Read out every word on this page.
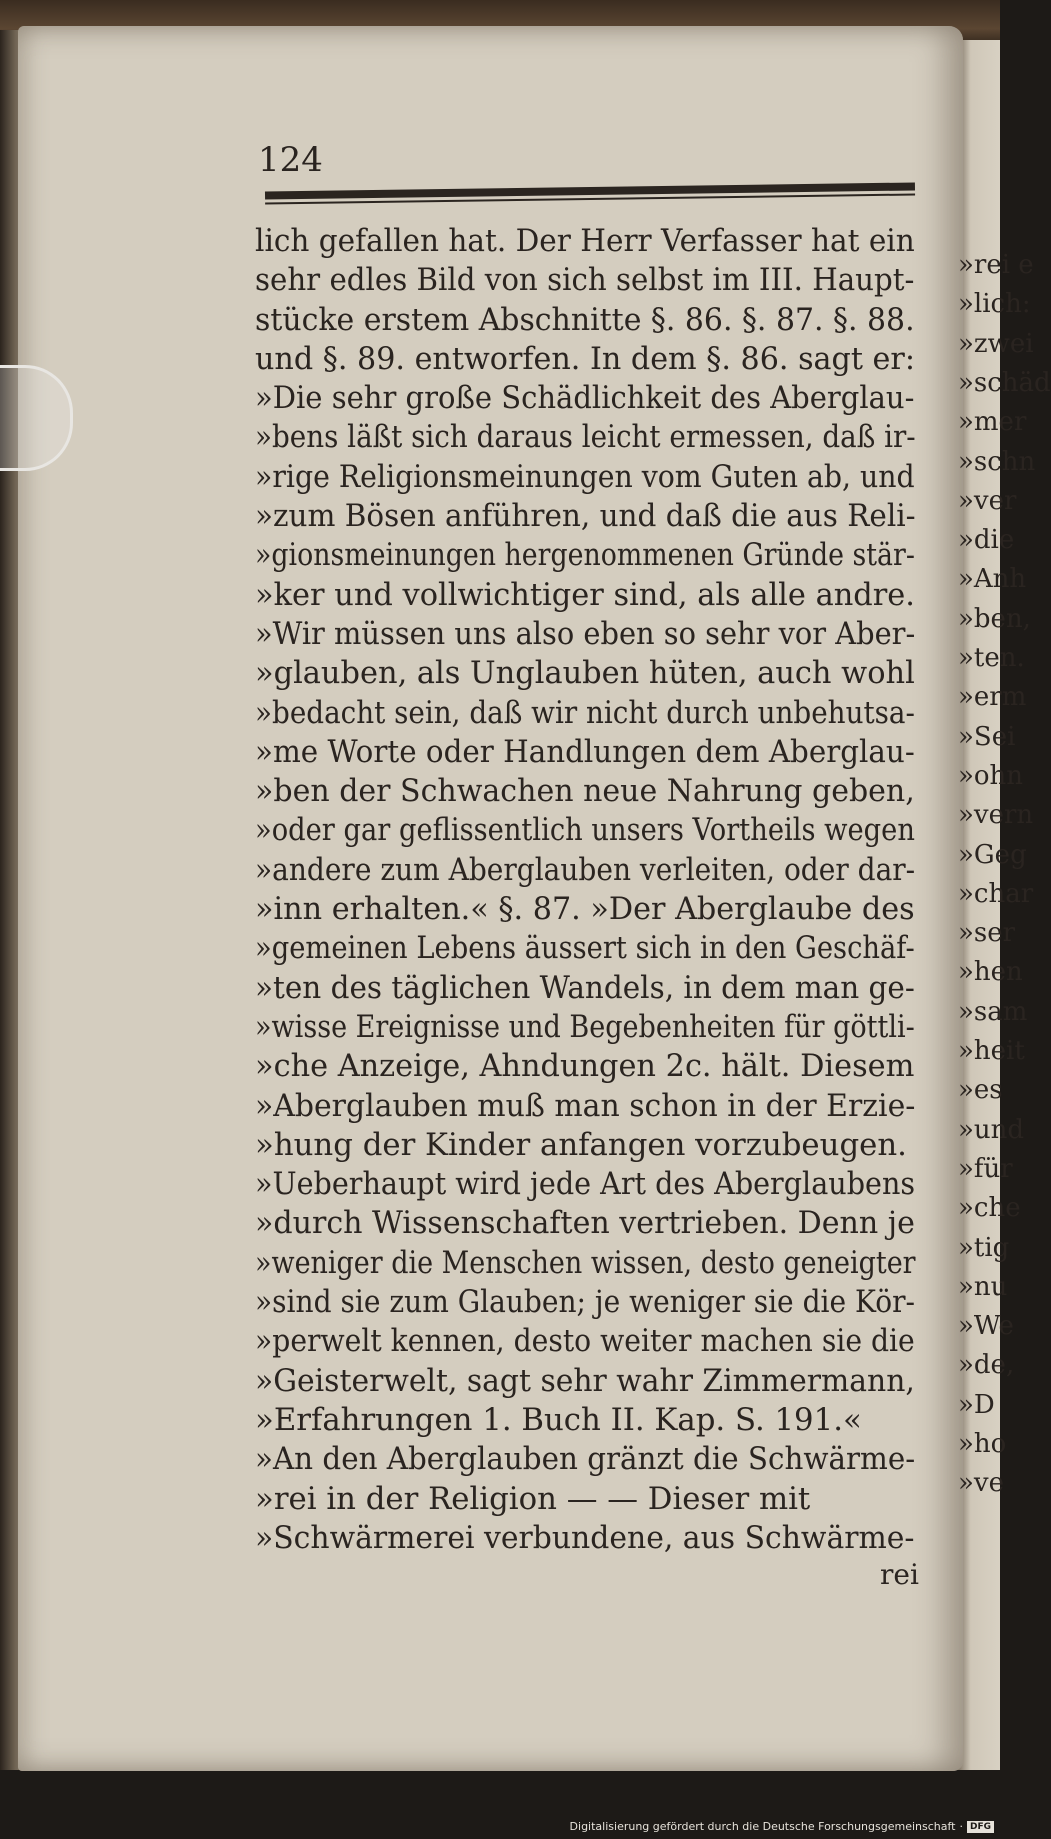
124
lich gefallen hat. Der Herr Verfasser hat ein
sehr edles Bild von sich selbst im III. Haupt-
stücke erstem Abschnitte §. 86. §. 87. §. 88.
und §. 89. entworfen. In dem §. 86. sagt er:
»Die sehr große Schädlichkeit des Aberglau-
»bens läßt sich daraus leicht ermessen, daß ir-
»rige Religionsmeinungen vom Guten ab, und
»zum Bösen anführen, und daß die aus Reli-
»gionsmeinungen hergenommenen Gründe stär-
»ker und vollwichtiger sind, als alle andre.
»Wir müssen uns also eben so sehr vor Aber-
»glauben, als Unglauben hüten, auch wohl
»bedacht sein, daß wir nicht durch unbehutsa-
»me Worte oder Handlungen dem Aberglau-
»ben der Schwachen neue Nahrung geben,
»oder gar geflissentlich unsers Vortheils wegen
»andere zum Aberglauben verleiten, oder dar-
»inn erhalten.« §. 87. »Der Aberglaube des
»gemeinen Lebens äussert sich in den Geschäf-
»ten des täglichen Wandels, in dem man ge-
»wisse Ereignisse und Begebenheiten für göttli-
»che Anzeige, Ahndungen 2c. hält. Diesem
»Aberglauben muß man schon in der Erzie-
»hung der Kinder anfangen vorzubeugen.
»Ueberhaupt wird jede Art des Aberglaubens
»durch Wissenschaften vertrieben. Denn je
»weniger die Menschen wissen, desto geneigter
»sind sie zum Glauben; je weniger sie die Kör-
»perwelt kennen, desto weiter machen sie die
»Geisterwelt, sagt sehr wahr Zimmermann,
»Erfahrungen 1. Buch II. Kap. S. 191.«
»An den Aberglauben gränzt die Schwärme-
»rei in der Religion — — Dieser mit
»Schwärmerei verbundene, aus Schwärme-
rei
»rei e
»lich:
»zwei
»schäd
»mer
»schn
»ver
»die
»Anh
»ben,
»ten.
»erm
»Sei
»ohn
»vern
»Geg
»char
»ser
»hen
»sam
»heit
»es
»und
»für
»che
»tig
»nu
»We
»de,
»D
»ho
»ve
Digitalisierung gefördert durch die Deutsche Forschungsgemeinschaft · DFG
